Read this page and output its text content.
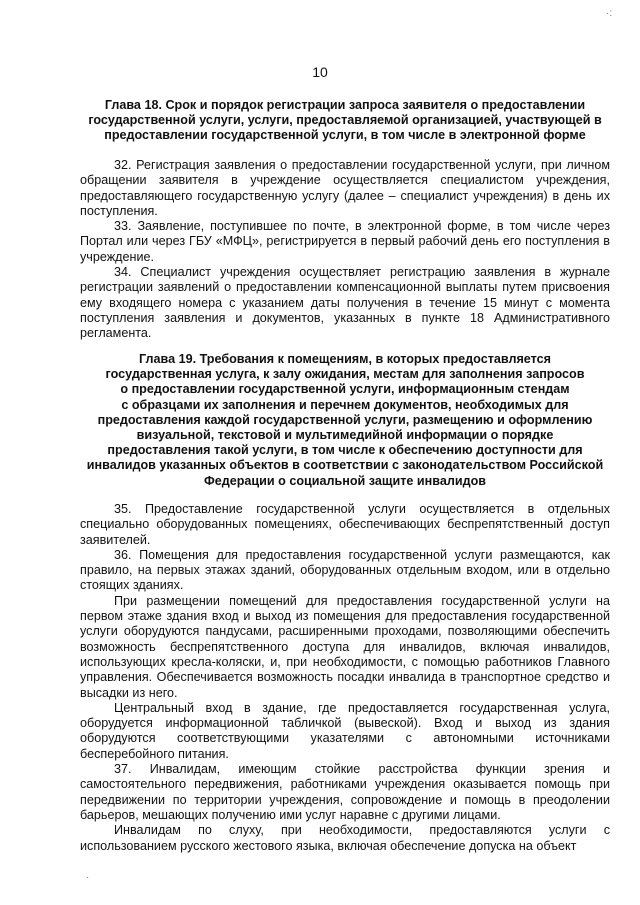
10
Глава 18. Срок и порядок регистрации запроса заявителя о предоставлении
государственной услуги, услуги, предоставляемой организацией, участвующей в
предоставлении государственной услуги, в том числе в электронной форме

32. Регистрация заявления о предоставлении государственной услуги, при личном обращении заявителя в учреждение осуществляется специалистом учреждения, предоставляющего государственную услугу (далее – специалист учреждения) в день их поступления.

33. Заявление, поступившее по почте, в электронной форме, в том числе через Портал или через ГБУ «МФЦ», регистрируется в первый рабочий день его поступления в учреждение.

34. Специалист учреждения осуществляет регистрацию заявления в журнале регистрации заявлений о предоставлении компенсационной выплаты путем присвоения ему входящего номера с указанием даты получения в течение 15 минут с момента поступления заявления и документов, указанных в пункте 18 Административного регламента.

Глава 19. Требования к помещениям, в которых предоставляется
государственная услуга, к залу ожидания, местам для заполнения запросов
о предоставлении государственной услуги, информационным стендам
с образцами их заполнения и перечнем документов, необходимых для
предоставления каждой государственной услуги, размещению и оформлению
визуальной, текстовой и мультимедийной информации о порядке
предоставления такой услуги, в том числе к обеспечению доступности для
инвалидов указанных объектов в соответствии с законодательством Российской
Федерации о социальной защите инвалидов

35. Предоставление государственной услуги осуществляется в отдельных специально оборудованных помещениях, обеспечивающих беспрепятственный доступ заявителей.

36. Помещения для предоставления государственной услуги размещаются, как правило, на первых этажах зданий, оборудованных отдельным входом, или в отдельно стоящих зданиях.

При размещении помещений для предоставления государственной услуги на первом этаже здания вход и выход из помещения для предоставления государственной услуги оборудуются пандусами, расширенными проходами, позволяющими обеспечить возможность беспрепятственного доступа для инвалидов, включая инвалидов, использующих кресла-коляски, и, при необходимости, с помощью работников Главного управления. Обеспечивается возможность посадки инвалида в транспортное средство и высадки из него.

Центральный вход в здание, где предоставляется государственная услуга, оборудуется информационной табличкой (вывеской). Вход и выход из здания оборудуются соответствующими указателями с автономными источниками бесперебойного питания.

37. Инвалидам, имеющим стойкие расстройства функции зрения и самостоятельного передвижения, работниками учреждения оказывается помощь при передвижении по территории учреждения, сопровождение и помощь в преодолении барьеров, мешающих получению ими услуг наравне с другими лицами.

Инвалидам по слуху, при необходимости, предоставляются услуги с использованием русского жестового языка, включая обеспечение допуска на объект

·:
·
